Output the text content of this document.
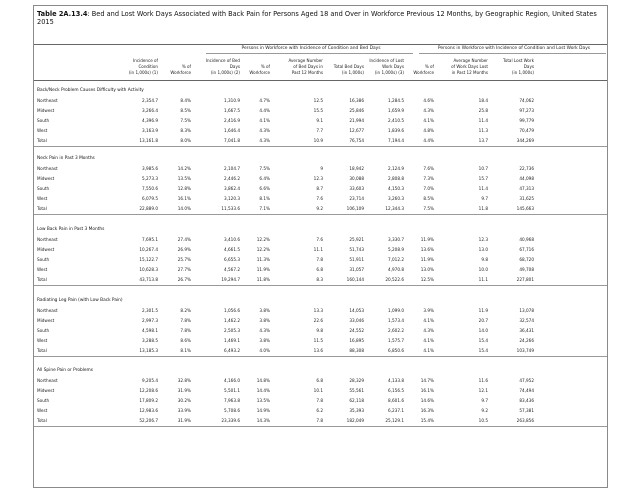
Table 2A.13.4: Bed and Lost Work Days Associated with Back Pain for Persons Aged 18 and Over in Workforce Previous 12 Months, by Geographic Region, United States 2015
Persons in Workforce with Incidence of Condition and Bed Days	Persons in Workforce with Incidence of Condition and Lost Work Days
Incidence of
Condition
(in 1,000s) (1)

% of
Workforce
Incidence of Bed
Days
(in 1,000s) (2)

% of
Workforce
Average Number
of Bed Days in
Past 12 Months

Total Bed Days
(in 1,000s)
Incidence of Lost
Work Days
(in 1,000s) (3)

% of
Workforce
Average Number
of Work Days Lost
in Past 12 Months
Total Lost Work
Days
(in 1,000s)
Back/Neck Problem Causes Difficulty with Activity
Northeast	2,354.7	8.4%	1,310.9	4.7%	12.5	16,386	1,284.5	4.6%	18.4	74,062
Midwest	3,266.4	8.5%	1,667.5	4.4%	15.5	25,846	1,659.9	4.3%	25.8	97,273
South	4,396.9	7.5%	2,416.9	4.1%	9.1	21,994	2,410.5	4.1%	11.4	99,779
West	3,163.9	8.3%	1,646.4	4.3%	7.7	12,677	1,839.6	4.8%	11.3	70,479
Total	13,161.8	8.0%	7,041.8	4.3%	10.9	76,754	7,194.4	4.4%	13.7	344,269
Neck Pain in Past 3 Months
Northeast	3,985.6	14.2%	2,104.7	7.5%	9	18,942	2,124.9	7.6%	10.7	22,736
Midwest	5,273.3	13.5%	2,446.2	6.4%	12.3	30,088	2,808.8	7.3%	15.7	44,098
South	7,550.6	12.8%	3,862.4	6.6%	8.7	33,603	4,150.3	7.0%	11.4	47,313
West	6,079.5	16.1%	3,120.3	8.1%	7.6	23,714	3,260.3	8.5%	9.7	31,625
Total	22,889.0	14.0%	11,533.6	7.1%	9.2	106,109	12,344.3	7.5%	11.8	145,663
Low Back Pain in Past 3 Months
Northeast	7,695.1	27.4%	3,410.6	12.2%	7.6	25,921	3,330.7	11.9%	12.3	40,968
Midwest	10,267.4	26.9%	4,661.5	12.2%	11.1	51,743	5,208.9	13.6%	13.0	67,716
South	15,122.7	25.7%	6,655.3	11.3%	7.8	51,911	7,012.2	11.9%	9.8	68,720
West	10,628.3	27.7%	4,567.2	11.9%	6.8	31,057	4,970.8	13.0%	10.0	49,708
Total	43,713.8	26.7%	19,294.7	11.8%	8.3	160,144	20,522.6	12.5%	11.1	227,801
Radiating Leg Pain (with Low Back Pain)
Northeast	2,301.5	8.2%	1,056.6	3.8%	13.3	14,053	1,099.0	3.9%	11.9	13,078
Midwest	2,997.3	7.8%	1,462.2	3.8%	22.6	33,046	1,573.4	4.1%	20.7	32,574
South	4,598.1	7.8%	2,505.3	4.3%	9.8	24,552	2,602.2	4.3%	14.0	36,431
West	3,288.5	8.6%	1,469.1	3.8%	11.5	16,895	1,575.7	4.1%	15.4	24,266
Total	13,185.3	8.1%	6,493.2	4.0%	13.6	88,308	6,850.6	4.1%	15.4	103,749
All Spine Pain or Problems
Northeast	9,205.4	32.8%	4,166.0	14.8%	6.8	28,329	4,133.8	14.7%	11.6	47,952
Midwest	12,208.6	31.9%	5,501.1	14.4%	10.1	55,561	6,156.5	16.1%	12.1	74,494
South	17,809.2	30.2%	7,963.8	13.5%	7.8	62,118	8,601.6	14.6%	9.7	83,436
West	12,983.6	33.9%	5,708.6	14.9%	6.2	35,393	6,237.1	16.3%	9.2	57,381
Total	52,206.7	31.9%	23,339.6	14.3%	7.8	182,049	25,129.1	15.4%	10.5	263,856
